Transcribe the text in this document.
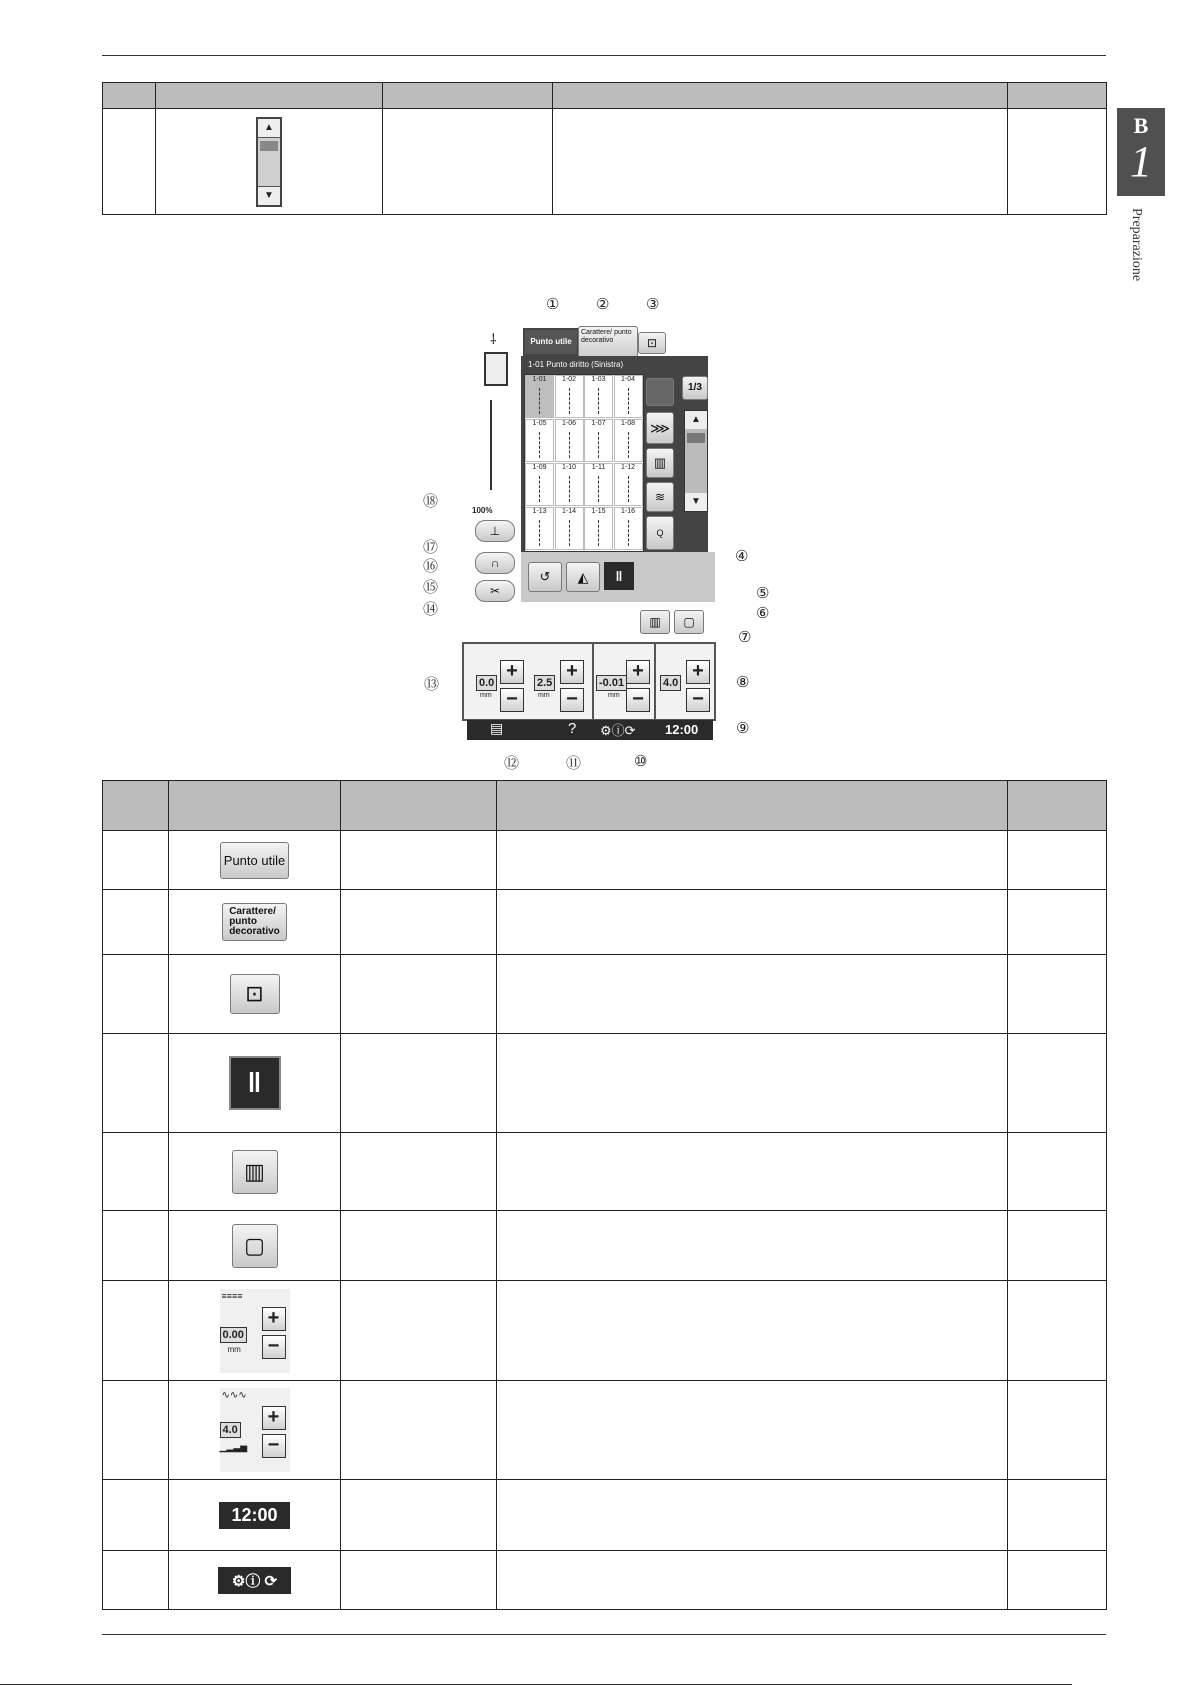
B
1
Preparazione

	▲
▼			

⸸
100%
Punto utile
Carattere/ punto decorativo	⊡
1-01 Punto diritto (Sinistra)
1-01	1-02	1-03	1-04
1-05	1-06	1-07	1-08
1-09	1-10	1-11	1-12
1-13	1-14	1-15	1-16
⋙
▥
≋
Q
1/3
▲
▼
↺	◭	ǁ
▥	▢
⊥
∩
✂
0.0
mm
+
−
2.5
mm
+
−
-0.01
mm
+
−
4.0
+
−
▤	? ⚙ⓘ⟳ 12:00
① ② ③
④
⑤
⑥
⑦
⑧
⑨
⑩
⑪
⑫
⑬
⑭
⑮
⑯
⑰
⑱

	Punto utile			
	Carattere/
punto
decorativo			
	⊡			
	ǁ			
	▥			
	▢			

	≡≡≡≡
0.00
mm
+
−			

	∿∿∿
4.0
▁▂▃▅
+
−			

	12:00			
	⚙ⓘ ⟳			
